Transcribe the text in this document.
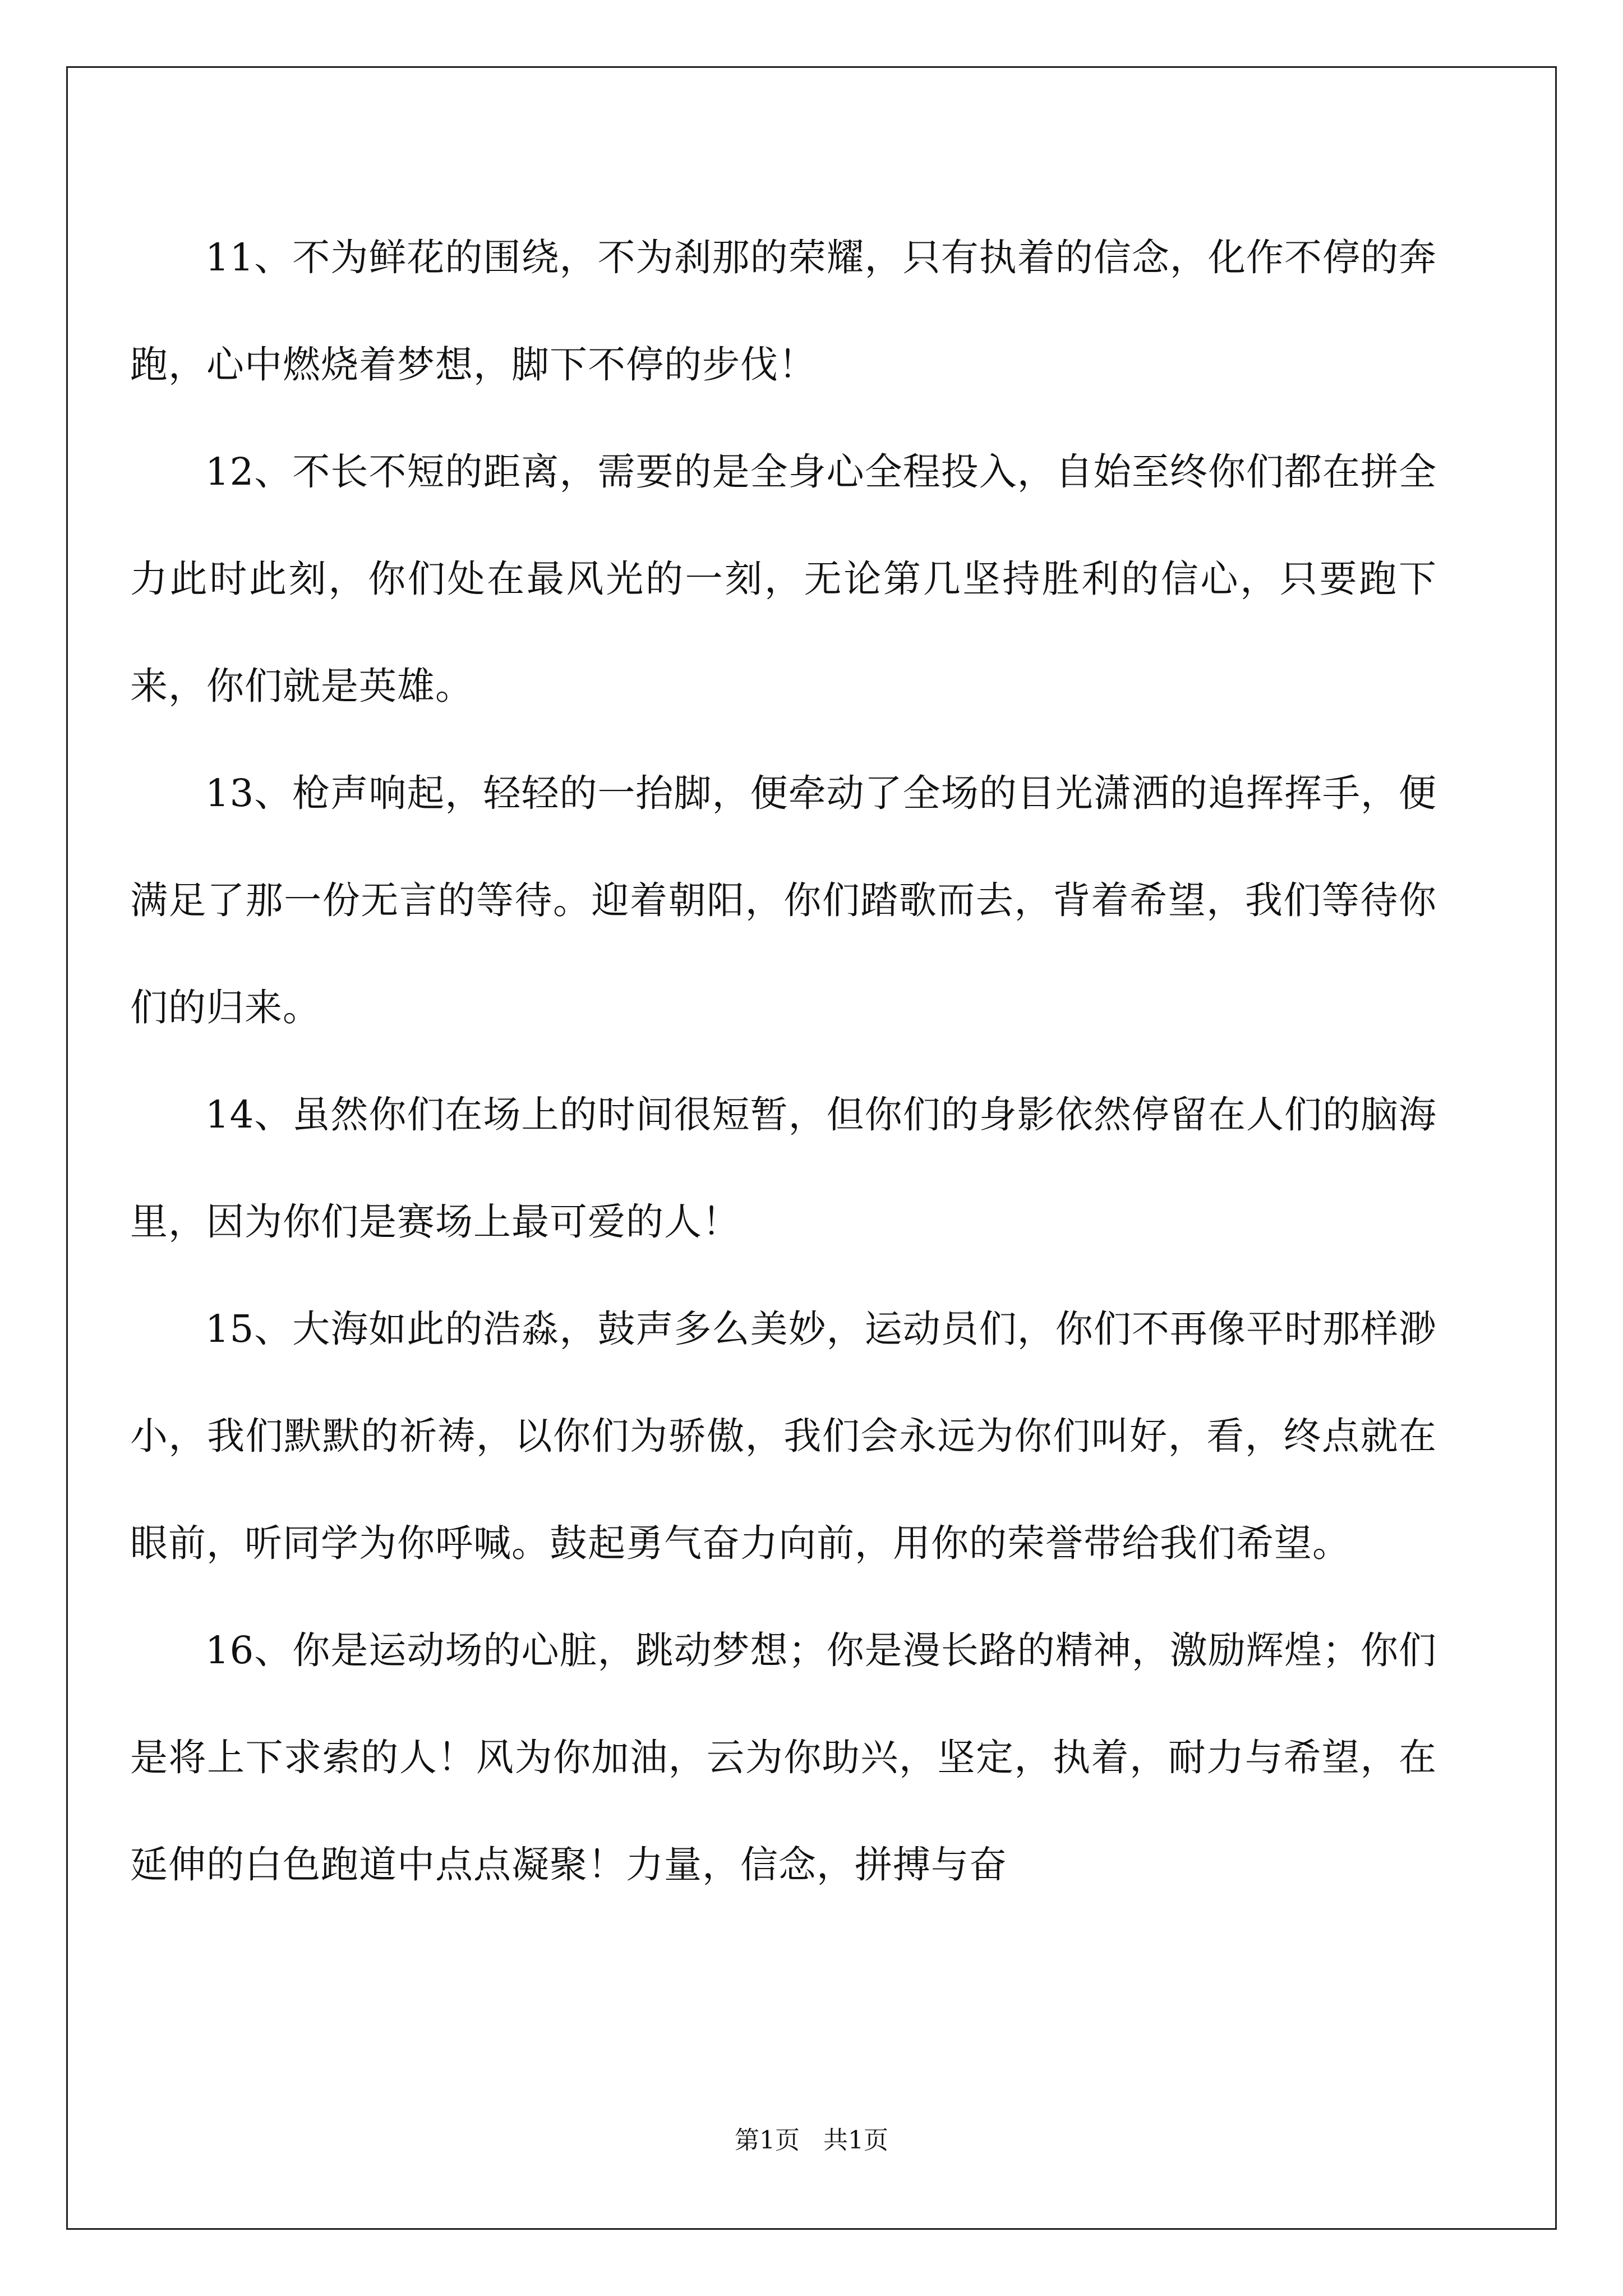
11、不为鲜花的围绕，不为刹那的荣耀，只有执着的信念，化作不停的奔跑，心中燃烧着梦想，脚下不停的步伐！

12、不长不短的距离，需要的是全身心全程投入，自始至终你们都在拼全力此时此刻，你们处在最风光的一刻，无论第几坚持胜利的信心，只要跑下来，你们就是英雄。

13、枪声响起，轻轻的一抬脚，便牵动了全场的目光潇洒的追挥挥手，便满足了那一份无言的等待。迎着朝阳，你们踏歌而去，背着希望，我们等待你们的归来。

14、虽然你们在场上的时间很短暂，但你们的身影依然停留在人们的脑海里，因为你们是赛场上最可爱的人！

15、大海如此的浩淼，鼓声多么美妙，运动员们，你们不再像平时那样渺小，我们默默的祈祷，以你们为骄傲，我们会永远为你们叫好，看，终点就在眼前，听同学为你呼喊。鼓起勇气奋力向前，用你的荣誉带给我们希望。

16、你是运动场的心脏，跳动梦想；你是漫长路的精神，激励辉煌；你们是将上下求索的人！风为你加油，云为你助兴，坚定，执着，耐力与希望，在延伸的白色跑道中点点凝聚！力量，信念，拼搏与奋

第1页   共1页
